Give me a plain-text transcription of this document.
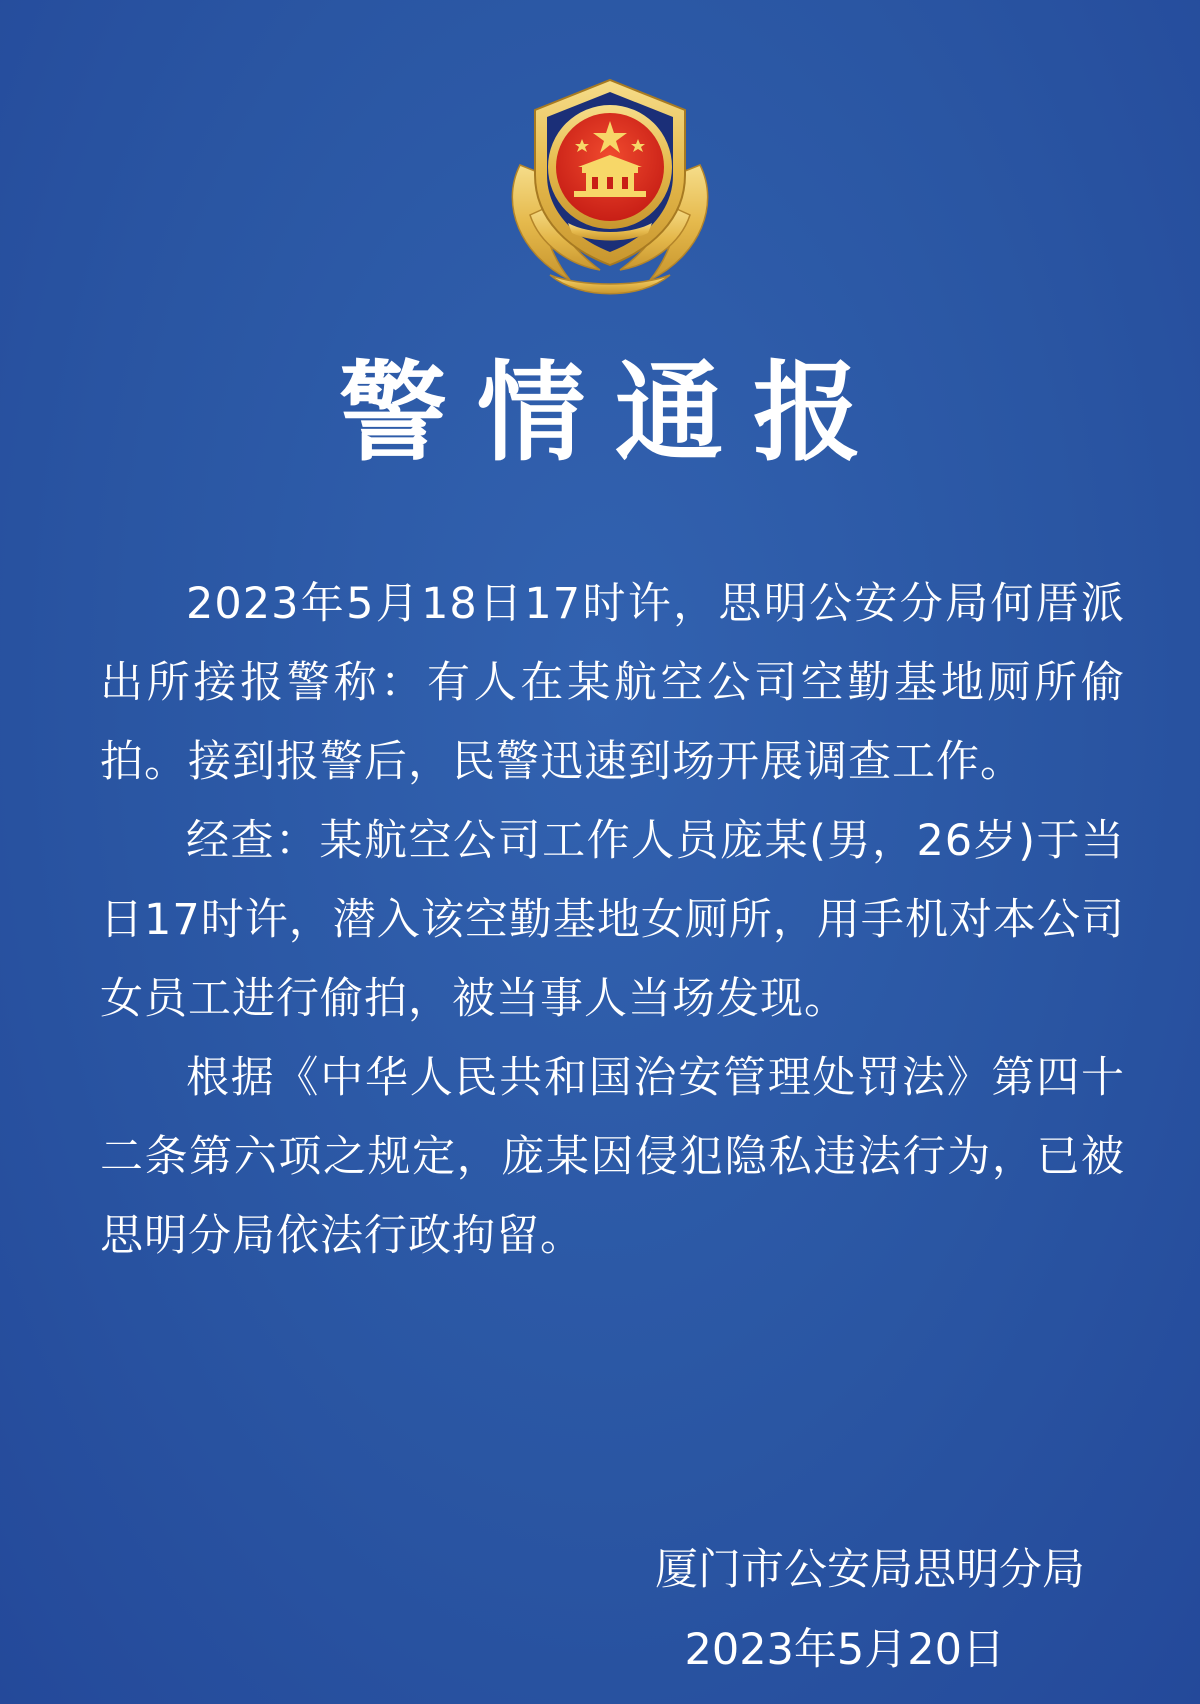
警情通报

2023年5月18日17时许，思明公安分局何厝派出所接报警称：有人在某航空公司空勤基地厕所偷拍。接到报警后，民警迅速到场开展调查工作。

经查：某航空公司工作人员庞某(男，26岁)于当日17时许，潜入该空勤基地女厕所，用手机对本公司女员工进行偷拍，被当事人当场发现。

根据《中华人民共和国治安管理处罚法》第四十二条第六项之规定，庞某因侵犯隐私违法行为，已被思明分局依法行政拘留。

厦门市公安局思明分局
2023年5月20日
